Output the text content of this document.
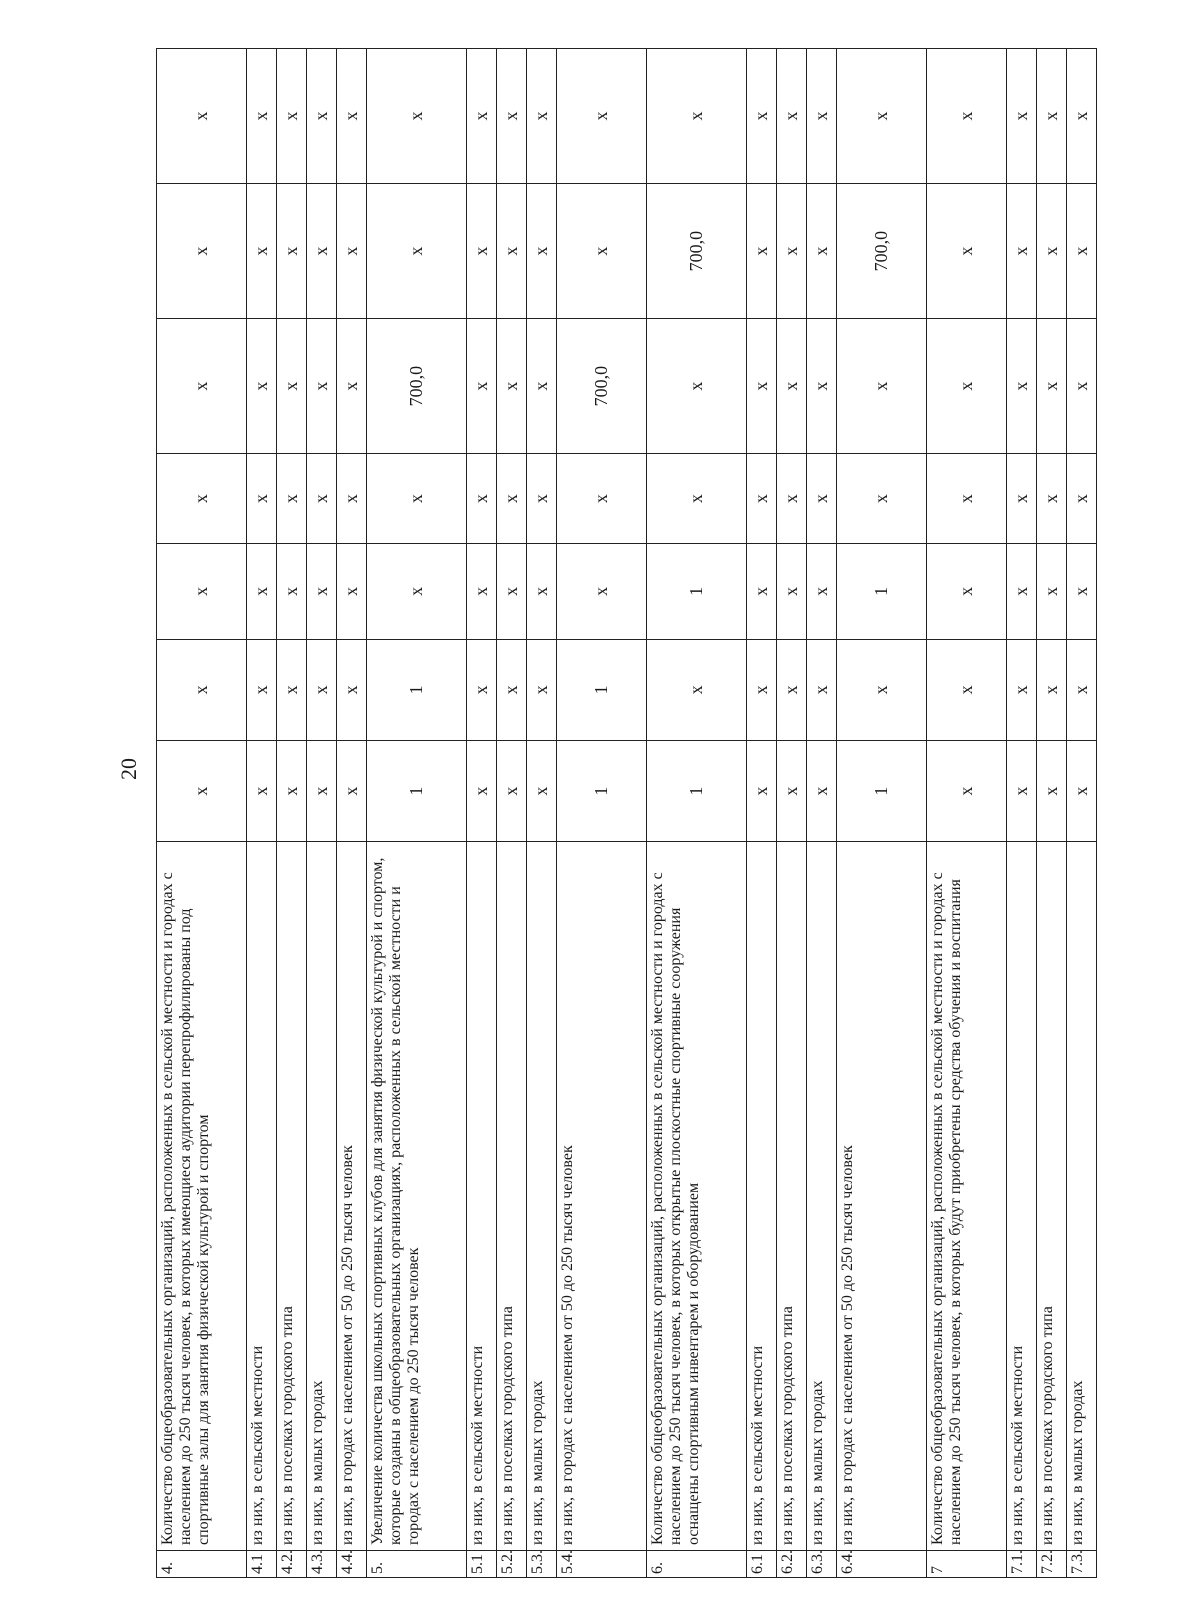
20
4.	Количество общеобразовательных организаций, расположенных в сельской местности и городах с населением до 250 тысяч человек, в которых имеющиеся аудитории перепрофилированы под спортивные залы для занятия физической культурой и спортом	x	x	x	x	x	x	x
4.1	из них, в сельской местности	x	x	x	x	x	x	x
4.2.	из них, в поселках городского типа	x	x	x	x	x	x	x
4.3.	из них, в малых городах	x	x	x	x	x	x	x
4.4.	из них, в городах с населением от 50 до 250 тысяч человек	x	x	x	x	x	x	x
5.	Увеличение количества школьных спортивных клубов для занятия физической культурой и спортом, которые созданы в общеобразовательных организациях, расположенных в сельской местности и городах с населением до 250 тысяч человек	1	1	x	x	700,0	x	x
5.1	из них, в сельской местности	x	x	x	x	x	x	x
5.2.	из них, в поселках городского типа	x	x	x	x	x	x	x
5.3.	из них, в малых городах	x	x	x	x	x	x	x
5.4.	из них, в городах с населением от 50 до 250 тысяч человек	1	1	x	x	700,0	x	x
6.	Количество общеобразовательных организаций, расположенных в сельской местности и городах с населением до 250 тысяч человек, в которых открытые плоскостные спортивные сооружения оснащены спортивным инвентарем и оборудованием	1	x	1	x	x	700,0	x
6.1	из них, в сельской местности	x	x	x	x	x	x	x
6.2.	из них, в поселках городского типа	x	x	x	x	x	x	x
6.3.	из них, в малых городах	x	x	x	x	x	x	x
6.4.	из них, в городах с населением от 50 до 250 тысяч человек	1	x	1	x	x	700,0	x
7	Количество общеобразовательных организаций, расположенных в сельской местности и городах с населением до 250 тысяч человек, в которых будут приобретены средства обучения и воспитания	x	x	x	x	x	x	x
7.1.	из них, в сельской местности	x	x	x	x	x	x	x
7.2.	из них, в поселках городского типа	x	x	x	x	x	x	x
7.3.	из них, в малых городах	x	x	x	x	x	x	x
